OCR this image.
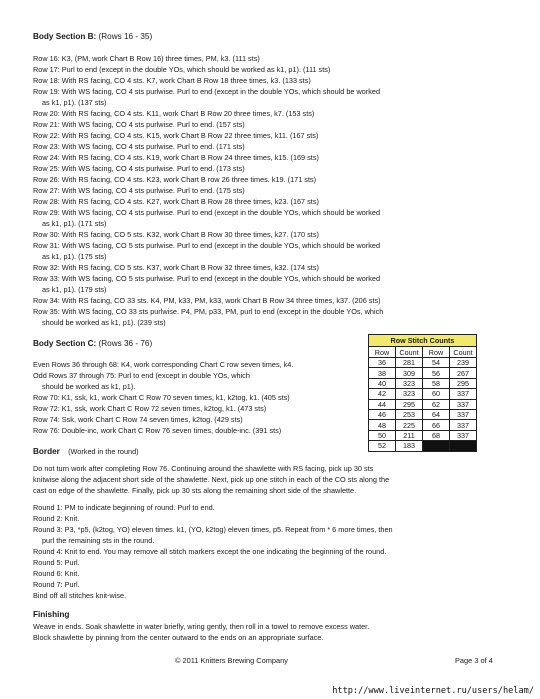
Body Section B: (Rows 16 - 35)
Row 16: K3, (PM, work Chart B Row 16) three times, PM, k3. (111 sts)
Row 17: Purl to end (except in the double YOs, which should be worked as k1, p1). (111 sts)
Row 18: With RS facing, CO 4 sts. K7, work Chart B Row 18 three times, k3. (133 sts)
Row 19: With WS facing, CO 4 sts purlwise. Purl to end (except in the double YOs, which should be worked
as k1, p1). (137 sts)
Row 20: With RS facing, CO 4 sts. K11, work Chart B Row 20 three times, k7. (153 sts)
Row 21: With WS facing, CO 4 sts purlwise. Purl to end. (157 sts)
Row 22: With RS facing, CO 4 sts. K15, work Chart B Row 22 three times, k11. (167 sts)
Row 23: With WS facing, CO 4 sts purlwise. Purl to end. (171 sts)
Row 24: With RS facing, CO 4 sts. K19, work Chart B Row 24 three times, k15. (169 sts)
Row 25: With WS facing, CO 4 sts purlwise. Purl to end. (173 sts)
Row 26: With RS facing, CO 4 sts. K23, work Chart B row 26 three times. k19. (171 sts)
Row 27: With WS facing, CO 4 sts purlwise. Purl to end. (175 sts)
Row 28: With RS facing, CO 4 sts. K27, work Chart B Row 28 three times, k23. (167 sts)
Row 29: With WS facing, CO 4 sts purlwise. Purl to end (except in the double YOs, which should be worked
as k1, p1). (171 sts)
Row 30: With RS facing, CO 5 sts. K32, work Chart B Row 30 three times, k27. (170 sts)
Row 31: With WS facing, CO 5 sts purlwise. Purl to end (except in the double YOs, which should be worked
as k1, p1). (175 sts)
Row 32: With RS facing, CO 5 sts. K37, work Chart B Row 32 three times, k32. (174 sts)
Row 33: With WS facing, CO 5 sts purlwise. Purl to end (except in the double YOs, which should be worked
as k1, p1). (179 sts)
Row 34: With RS facing, CO 33 sts. K4, PM, k33, PM, k33, work Chart B Row 34 three times, k37. (206 sts)
Row 35: With WS facing, CO 33 sts purlwise. P4, PM, p33, PM, purl to end (except in the double YOs, which
should be worked as k1, p1). (239 sts)
Body Section C: (Rows 36 - 76)
Even Rows 36 through 68: K4, work corresponding Chart C row seven times, k4.
Odd Rows 37 through 75: Purl to end (except in double YOs, which
should be worked as k1, p1).
Row 70: K1, ssk, k1, work Chart C Row 70 seven times, k1, k2tog, k1. (405 sts)
Row 72: K1, ssk, work Chart C Row 72 seven times, k2tog, k1. (473 sts)
Row 74: Ssk, work Chart C Row 74 seven times, k2tog. (429 sts)
Row 76: Double-inc, work Chart C Row 76 seven times, double-inc. (391 sts)
Row Stitch Counts			
Row	Count	Row	Count
36	281	54	239
38	309	56	267
40	323	58	295
42	323	60	337
44	295	62	337
46	253	64	337
48	225	66	337
50	211	68	337
52	183		
Border (Worked in the round)
Do not turn work after completing Row 76. Continuing around the shawlette with RS facing, pick up 30 sts
knitwise along the adjacent short side of the shawlette. Next, pick up one stitch in each of the CO sts along the
cast on edge of the shawlette. Finally, pick up 30 sts along the remaining short side of the shawlette.
Round 1: PM to indicate beginning of round. Purl to end.
Round 2: Knit.
Round 3: P3, *p5, (k2tog, YO) eleven times. k1, (YO, k2tog) eleven times, p5. Repeat from * 6 more times, then
purl the remaining sts in the round.
Round 4: Knit to end. You may remove all stitch markers except the one indicating the beginning of the round.
Round 5: Purl.
Round 6: Knit.
Round 7: Purl.
Bind off all stitches knit-wise.
Finishing
Weave in ends. Soak shawlette in water briefly, wring gently, then roll in a towel to remove excess water.
Block shawlette by pinning from the center outward to the ends on an appropriate surface.
© 2011 Knitters Brewing Company	Page 3 of 4
http://www.liveinternet.ru/users/helam/
